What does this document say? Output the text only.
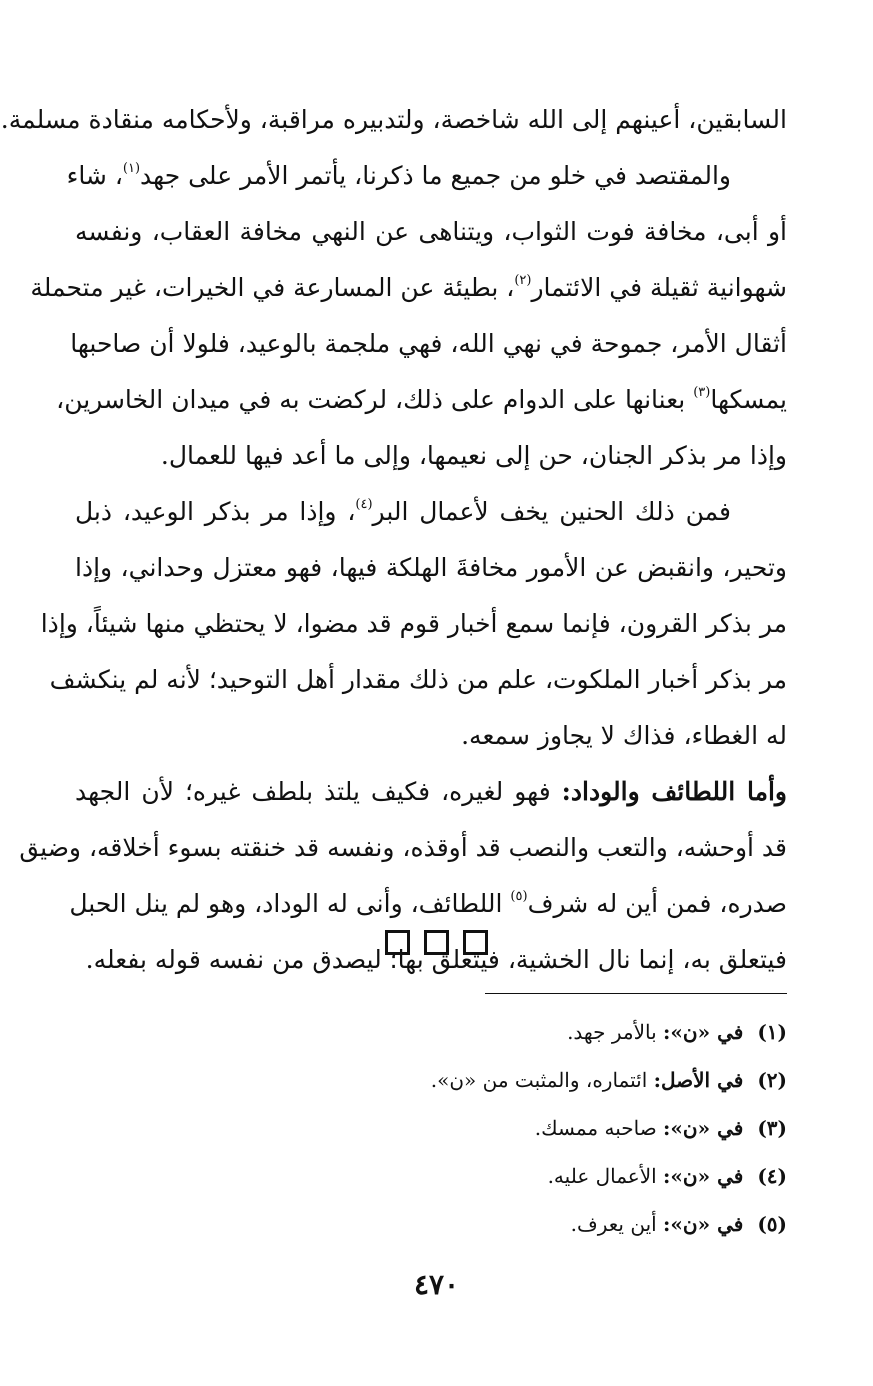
السابقين، أعينهم إلى الله شاخصة، ولتدبيره مراقبة، ولأحكامه منقادة مسلمة.
والمقتصد في خلو من جميع ما ذكرنا، يأتمر الأمر على جهد$^{(١)}$، شاء
أو أبى، مخافة فوت الثواب، ويتناهى عن النهي مخافة العقاب، ونفسه
شهوانية ثقيلة في الائتمار$^{(٢)}$، بطيئة عن المسارعة في الخيرات، غير متحملة
أثقال الأمر، جموحة في نهي الله، فهي ملجمة بالوعيد، فلولا أن صاحبها
يمسكها$^{(٣)}$ بعنانها على الدوام على ذلك، لركضت به في ميدان الخاسرين،
وإذا مر بذكر الجنان، حن إلى نعيمها، وإلى ما أعد فيها للعمال.
فمن ذلك الحنين يخف لأعمال البر$^{(٤)}$، وإذا مر بذكر الوعيد، ذبل
وتحير، وانقبض عن الأمور مخافةَ الهلكة فيها، فهو معتزل وحداني، وإذا
مر بذكر القرون، فإنما سمع أخبار قوم قد مضوا، لا يحتظي منها شيئاً، وإذا
مر بذكر أخبار الملكوت، علم من ذلك مقدار أهل التوحيد؛ لأنه لم ينكشف
له الغطاء، فذاك لا يجاوز سمعه.
وأما اللطائف والوداد: فهو لغيره، فكيف يلتذ بلطف غيره؛ لأن الجهد
قد أوحشه، والتعب والنصب قد أوقذه، ونفسه قد خنقته بسوء أخلاقه، وضيق
صدره، فمن أين له شرف$^{(٥)}$ اللطائف، وأنى له الوداد، وهو لم ينل الحبل
فيتعلق به، إنما نال الخشية، فيتعلق بها؛ ليصدق من نفسه قوله بفعله.
(١)في «ن»: بالأمر جهد.
(٢)في الأصل: ائتماره، والمثبت من «ن».
(٣)في «ن»: صاحبه ممسك.
(٤)في «ن»: الأعمال عليه.
(٥)في «ن»: أين يعرف.
٤٧٠
